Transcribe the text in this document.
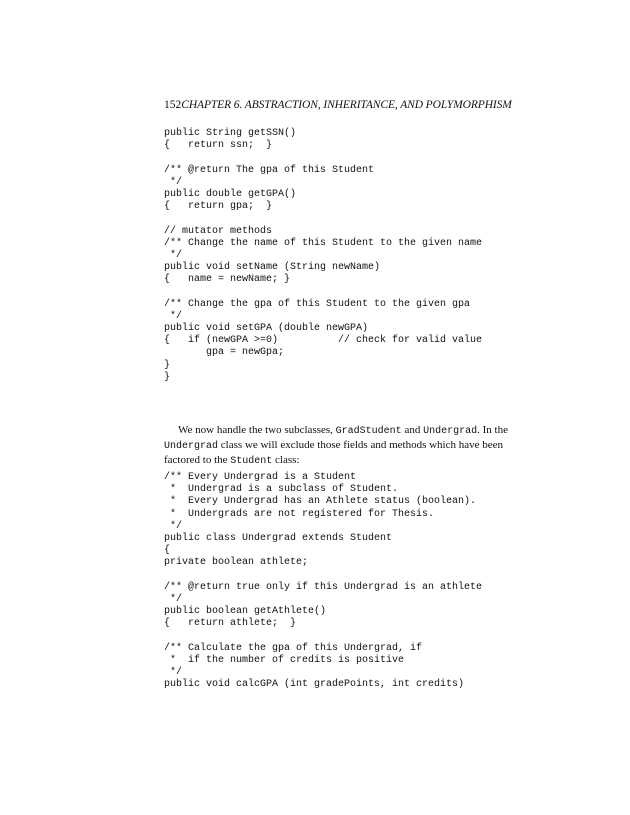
152CHAPTER 6. ABSTRACTION, INHERITANCE, AND POLYMORPHISM
public String getSSN()
{   return ssn;  }
/** @return The gpa of this Student
*/
public double getGPA()
{   return gpa;  }
// mutator methods
/** Change the name of this Student to the given name
*/
public void setName (String newName)
{   name = newName; }
/** Change the gpa of this Student to the given gpa
*/
public void setGPA (double newGPA)
{   if (newGPA >=0)          // check for valid value
gpa = newGpa;
}
}
We now handle the two subclasses, GradStudent and Undergrad. In the
Undergrad class we will exclude those fields and methods which have been
factored to the Student class:
/** Every Undergrad is a Student
*  Undergrad is a subclass of Student.
*  Every Undergrad has an Athlete status (boolean).
*  Undergrads are not registered for Thesis.
*/
public class Undergrad extends Student
{
private boolean athlete;
/** @return true only if this Undergrad is an athlete
*/
public boolean getAthlete()
{   return athlete;  }
/** Calculate the gpa of this Undergrad, if
*  if the number of credits is positive
*/
public void calcGPA (int gradePoints, int credits)
